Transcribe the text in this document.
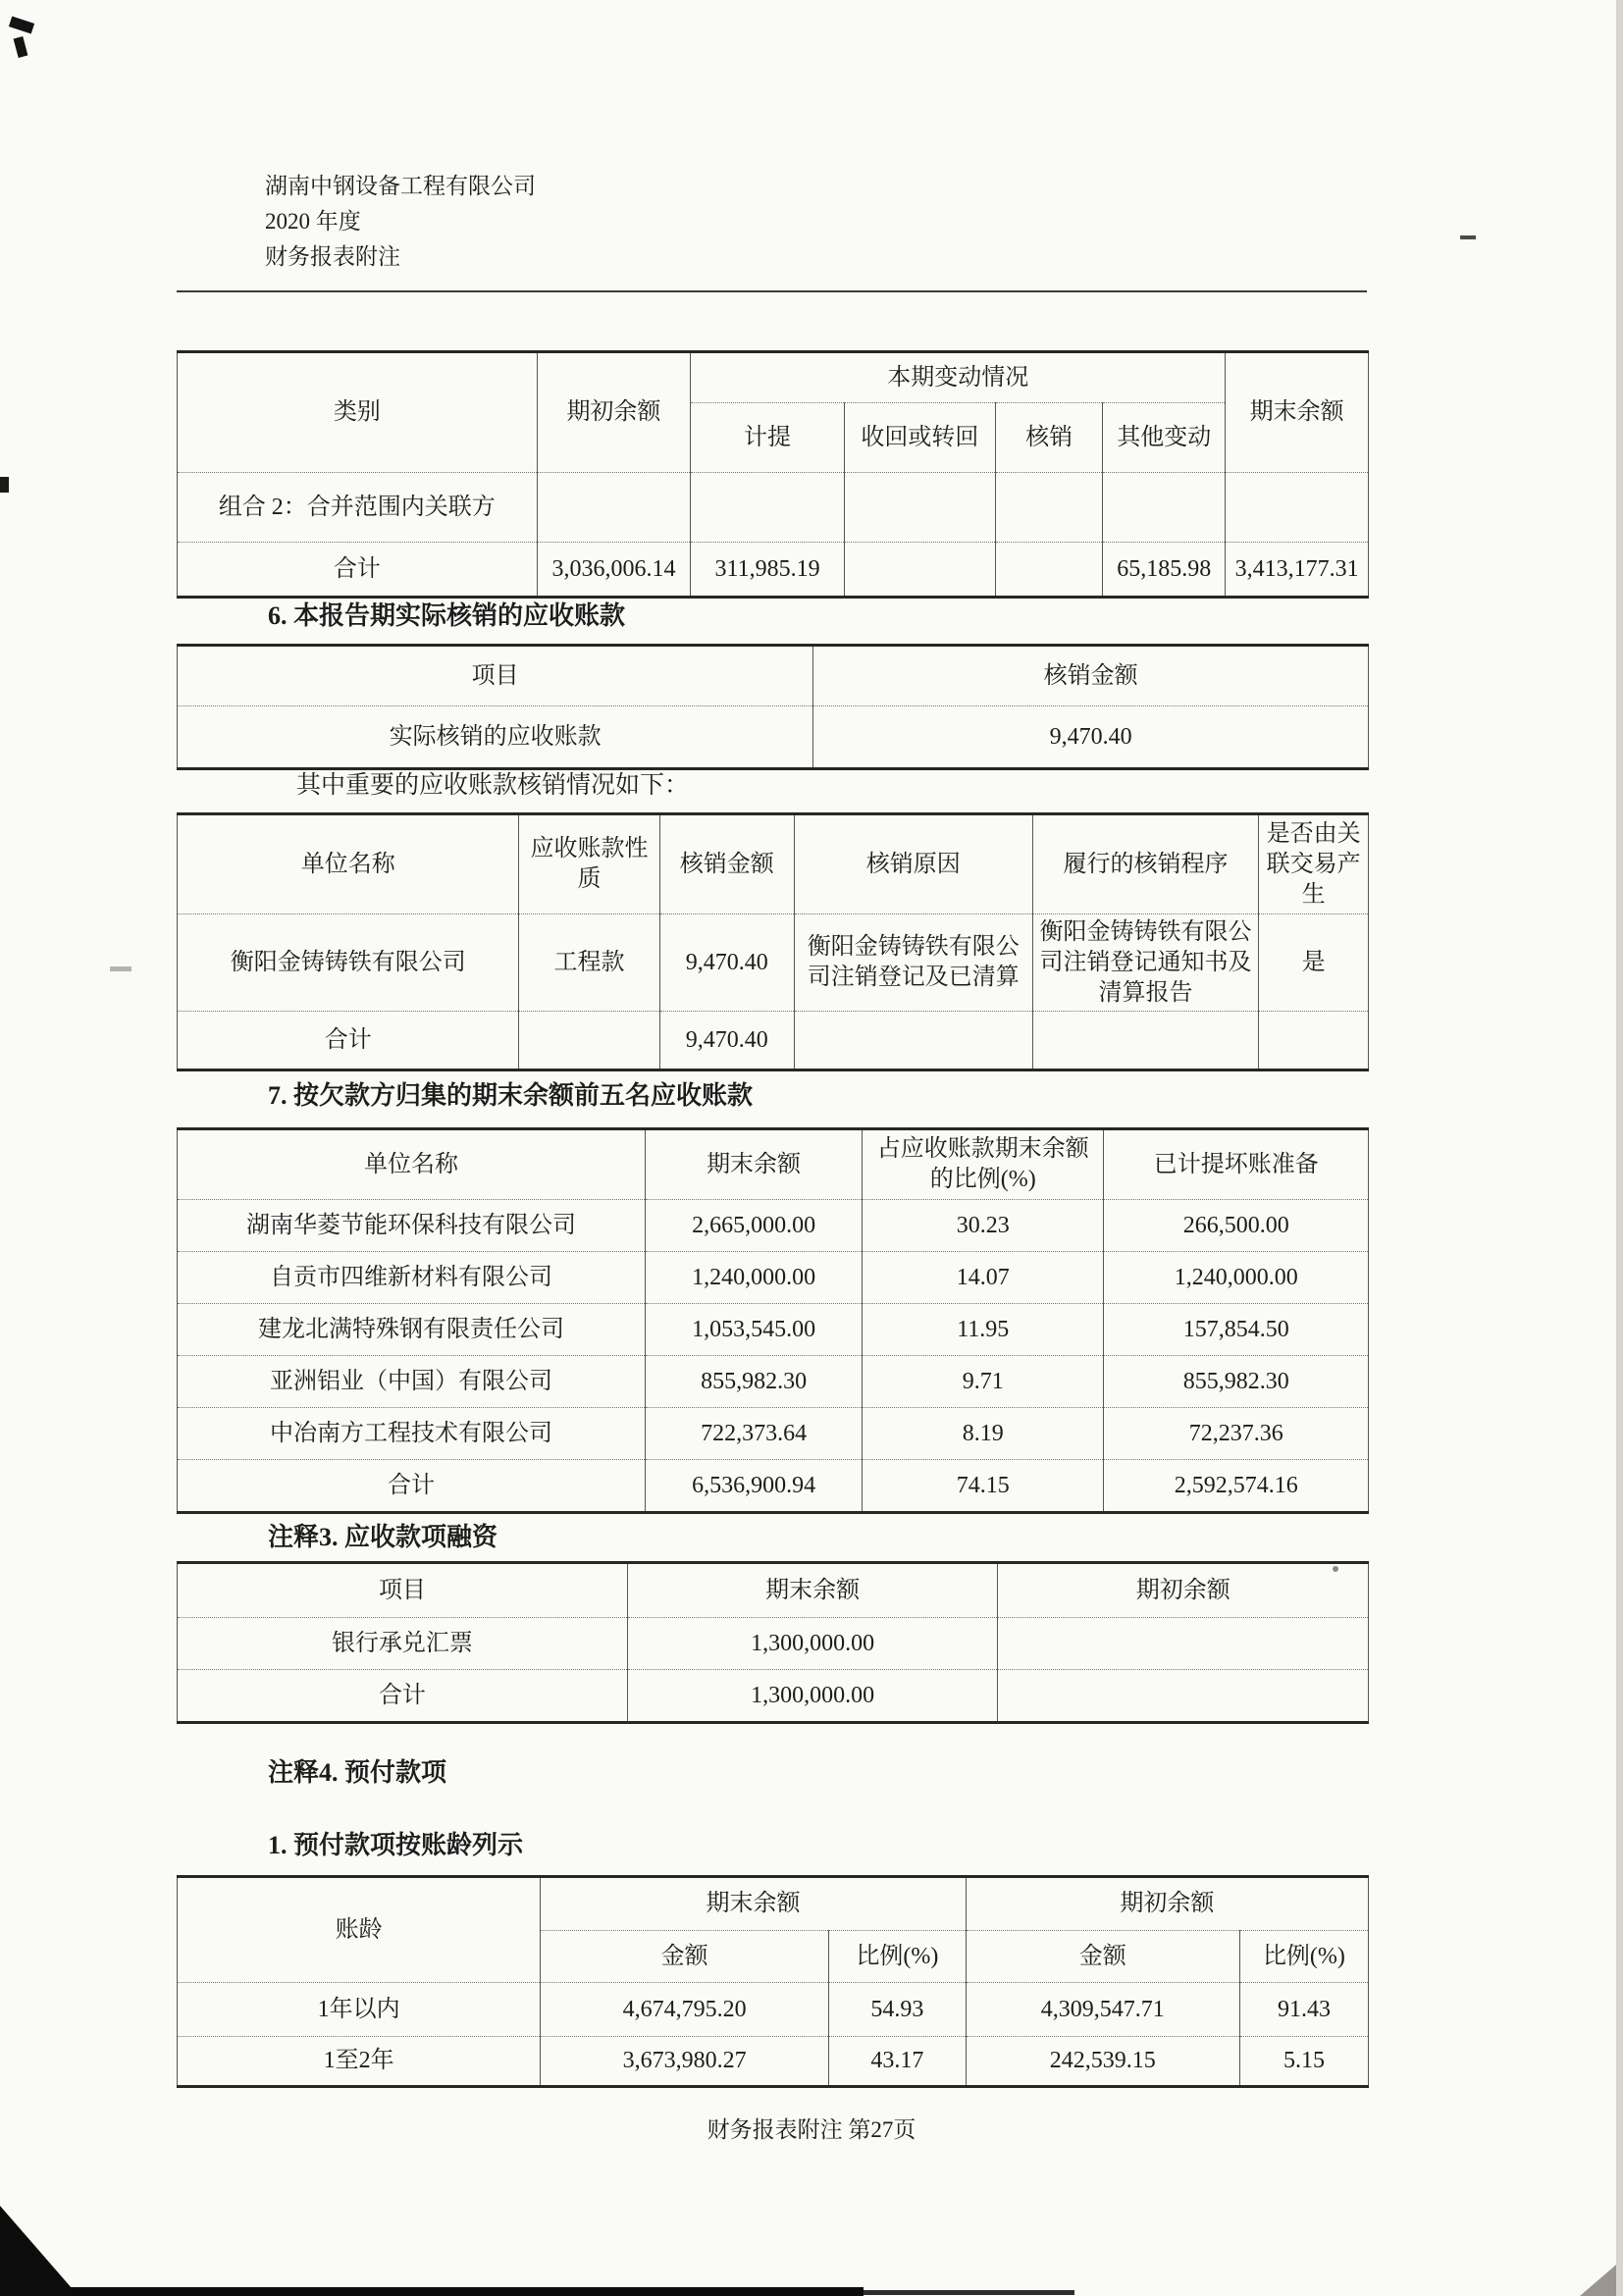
湖南中钢设备工程有限公司
2020 年度
财务报表附注
类别	期初余额	本期变动情况				期末余额
		计提	收回或转回	核销	其他变动	
组合 2：合并范围内关联方						
合计	3,036,006.14	311,985.19			65,185.98	3,413,177.31
6. 本报告期实际核销的应收账款
项目	核销金额
实际核销的应收账款	9,470.40
其中重要的应收账款核销情况如下：
单位名称	应收账款性质	核销金额	核销原因	履行的核销程序	是否由关联交易产生
衡阳金铸铸铁有限公司	工程款	9,470.40	衡阳金铸铸铁有限公司注销登记及已清算	衡阳金铸铸铁有限公司注销登记通知书及清算报告	是
合计		9,470.40			
7. 按欠款方归集的期末余额前五名应收账款
单位名称	期末余额	占应收账款期末余额的比例(%)	已计提坏账准备
湖南华菱节能环保科技有限公司	2,665,000.00	30.23	266,500.00
自贡市四维新材料有限公司	1,240,000.00	14.07	1,240,000.00
建龙北满特殊钢有限责任公司	1,053,545.00	11.95	157,854.50
亚洲铝业（中国）有限公司	855,982.30	9.71	855,982.30
中冶南方工程技术有限公司	722,373.64	8.19	72,237.36
合计	6,536,900.94	74.15	2,592,574.16
注释3. 应收款项融资
项目	期末余额	期初余额
银行承兑汇票	1,300,000.00	
合计	1,300,000.00	
注释4. 预付款项
1. 预付款项按账龄列示
账龄	期末余额		期初余额	
	金额	比例(%)	金额	比例(%)
1年以内	4,674,795.20	54.93	4,309,547.71	91.43
1至2年	3,673,980.27	43.17	242,539.15	5.15
财务报表附注 第27页
